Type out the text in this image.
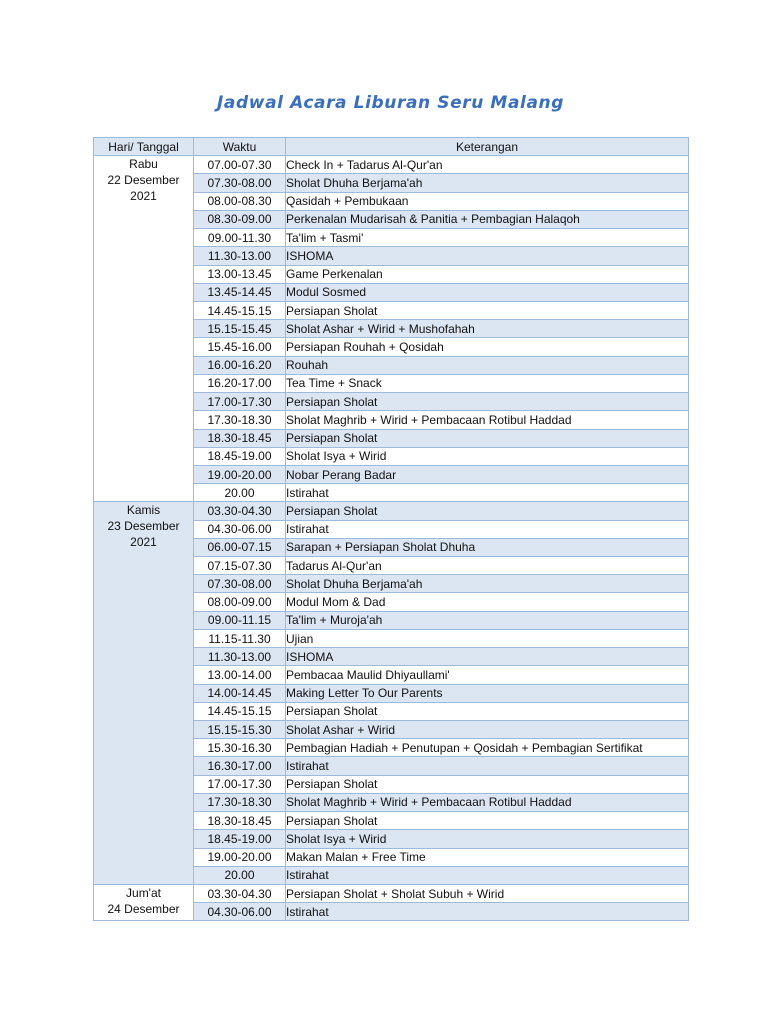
Jadwal Acara Liburan Seru Malang
Hari/ Tanggal	Waktu	Keterangan

Rabu
22 Desember
2021	07.00-07.30	Check In + Tadarus Al-Qur'an
	07.30-08.00	Sholat Dhuha Berjama'ah
	08.00-08.30	Qasidah + Pembukaan
	08.30-09.00	Perkenalan Mudarisah & Panitia + Pembagian Halaqoh
	09.00-11.30	Ta'lim + Tasmi'
	11.30-13.00	ISHOMA
	13.00-13.45	Game Perkenalan
	13.45-14.45	Modul Sosmed
	14.45-15.15	Persiapan Sholat
	15.15-15.45	Sholat Ashar + Wirid + Mushofahah
	15.45-16.00	Persiapan Rouhah + Qosidah
	16.00-16.20	Rouhah
	16.20-17.00	Tea Time + Snack
	17.00-17.30	Persiapan Sholat
	17.30-18.30	Sholat Maghrib + Wirid + Pembacaan Rotibul Haddad
	18.30-18.45	Persiapan Sholat
	18.45-19.00	Sholat Isya + Wirid
	19.00-20.00	Nobar Perang Badar
	20.00	Istirahat

Kamis
23 Desember
2021	03.30-04.30	Persiapan Sholat
	04.30-06.00	Istirahat
	06.00-07.15	Sarapan + Persiapan Sholat Dhuha
	07.15-07.30	Tadarus Al-Qur'an
	07.30-08.00	Sholat Dhuha Berjama'ah
	08.00-09.00	Modul Mom & Dad
	09.00-11.15	Ta'lim + Muroja'ah
	11.15-11.30	Ujian
	11.30-13.00	ISHOMA
	13.00-14.00	Pembacaa Maulid Dhiyaullami'
	14.00-14.45	Making Letter To Our Parents
	14.45-15.15	Persiapan Sholat
	15.15-15.30	Sholat Ashar + Wirid
	15.30-16.30	Pembagian Hadiah + Penutupan + Qosidah + Pembagian Sertifikat
	16.30-17.00	Istirahat
	17.00-17.30	Persiapan Sholat
	17.30-18.30	Sholat Maghrib + Wirid + Pembacaan Rotibul Haddad
	18.30-18.45	Persiapan Sholat
	18.45-19.00	Sholat Isya + Wirid
	19.00-20.00	Makan Malan + Free Time
	20.00	Istirahat

Jum'at
24 Desember	03.30-04.30	Persiapan Sholat + Sholat Subuh + Wirid
	04.30-06.00	Istirahat
